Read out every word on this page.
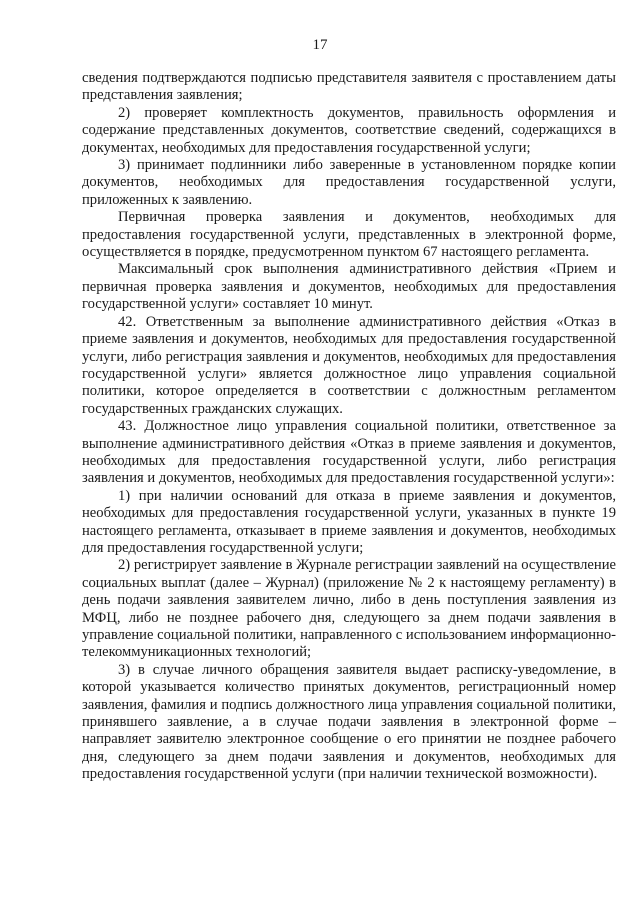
17

сведения подтверждаются подписью представителя заявителя с проставлением даты представления заявления;

2) проверяет комплектность документов, правильность оформления и содержание представленных документов, соответствие сведений, содержащихся в документах, необходимых для предоставления государственной услуги;

3) принимает подлинники либо заверенные в установленном порядке копии документов, необходимых для предоставления государственной услуги, приложенных к заявлению.

Первичная проверка заявления и документов, необходимых для предоставления государственной услуги, представленных в электронной форме, осуществляется в порядке, предусмотренном пунктом 67 настоящего регламента.

Максимальный срок выполнения административного действия «Прием и первичная проверка заявления и документов, необходимых для предоставления государственной услуги» составляет 10 минут.

42. Ответственным за выполнение административного действия «Отказ в приеме заявления и документов, необходимых для предоставления государственной услуги, либо регистрация заявления и документов, необходимых для предоставления государственной услуги» является должностное лицо управления социальной политики, которое определяется в соответствии с должностным регламентом государственных гражданских служащих.

43. Должностное лицо управления социальной политики, ответственное за выполнение административного действия «Отказ в приеме заявления и документов, необходимых для предоставления государственной услуги, либо регистрация заявления и документов, необходимых для предоставления государственной услуги»:

1) при наличии оснований для отказа в приеме заявления и документов, необходимых для предоставления государственной услуги, указанных в пункте 19 настоящего регламента, отказывает в приеме заявления и документов, необходимых для предоставления государственной услуги;

2) регистрирует заявление в Журнале регистрации заявлений на осуществление социальных выплат (далее – Журнал) (приложение № 2 к настоящему регламенту) в день подачи заявления заявителем лично, либо в день поступления заявления из МФЦ, либо не позднее рабочего дня, следующего за днем подачи заявления в управление социальной политики, направленного с использованием информационно-телекоммуникационных технологий;

3) в случае личного обращения заявителя выдает расписку-уведомление, в которой указывается количество принятых документов, регистрационный номер заявления, фамилия и подпись должностного лица управления социальной политики, принявшего заявление, а в случае подачи заявления в электронной форме – направляет заявителю электронное сообщение о его принятии не позднее рабочего дня, следующего за днем подачи заявления и документов, необходимых для предоставления государственной услуги (при наличии технической возможности).
